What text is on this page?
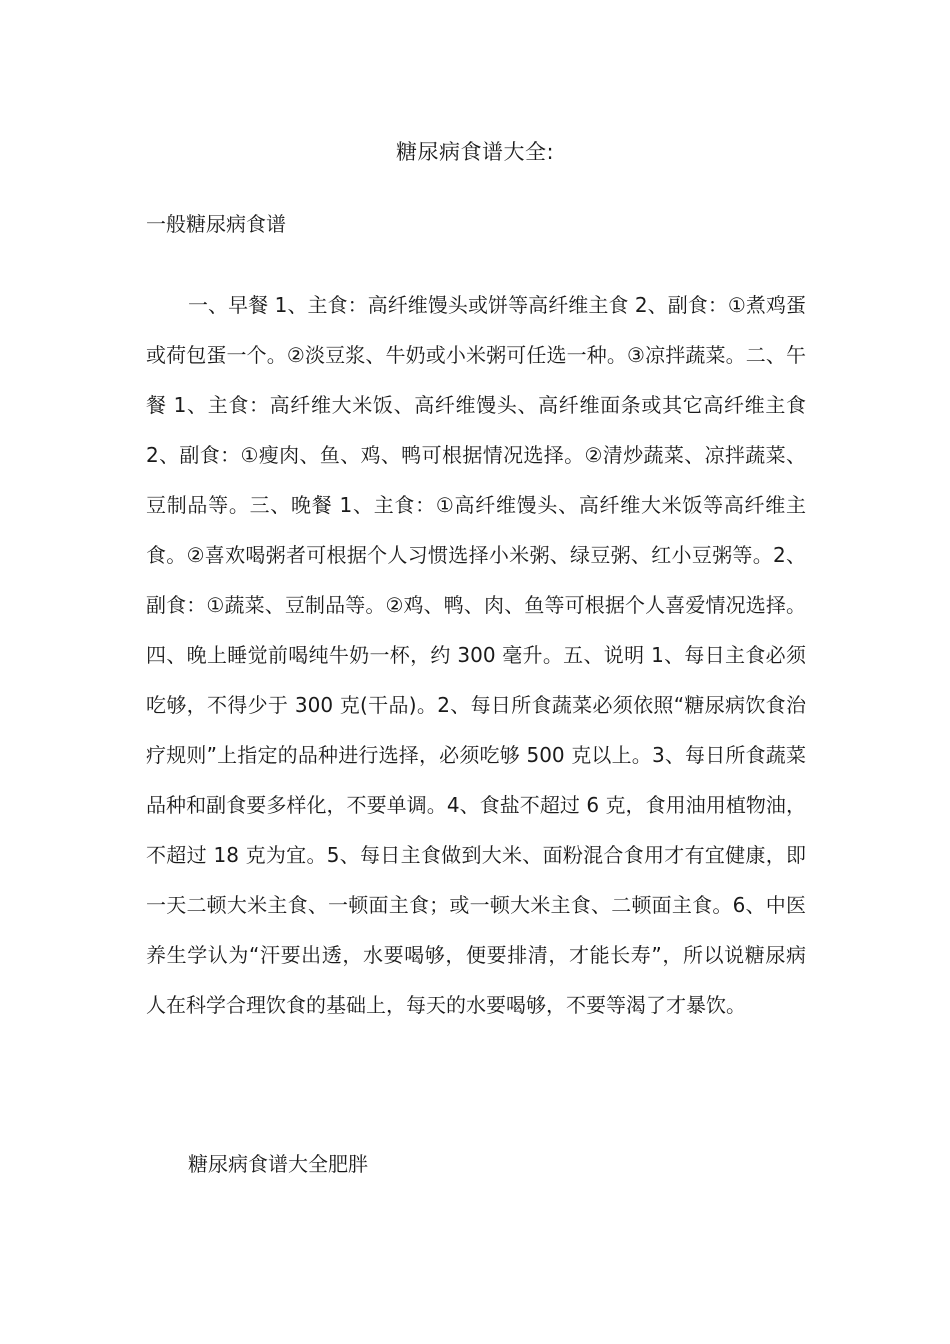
糖尿病食谱大全:
一般糖尿病食谱

一、早餐 1、主食：高纤维馒头或饼等高纤维主食 2、副食：①煮鸡蛋或荷包蛋一个。②淡豆浆、牛奶或小米粥可任选一种。③凉拌蔬菜。二、午餐 1、主食：高纤维大米饭、高纤维馒头、高纤维面条或其它高纤维主食 2、副食：①瘦肉、鱼、鸡、鸭可根据情况选择。②清炒蔬菜、凉拌蔬菜、豆制品等。三、晚餐 1、主食：①高纤维馒头、高纤维大米饭等高纤维主食。②喜欢喝粥者可根据个人习惯选择小米粥、绿豆粥、红小豆粥等。2、副食：①蔬菜、豆制品等。②鸡、鸭、肉、鱼等可根据个人喜爱情况选择。四、晚上睡觉前喝纯牛奶一杯，约 300 毫升。五、说明 1、每日主食必须吃够，不得少于 300 克(干品)。2、每日所食蔬菜必须依照“糖尿病饮食治疗规则”上指定的品种进行选择，必须吃够 500 克以上。3、每日所食蔬菜品种和副食要多样化，不要单调。4、食盐不超过 6 克，食用油用植物油，不超过 18 克为宜。5、每日主食做到大米、面粉混合食用才有宜健康，即一天二顿大米主食、一顿面主食；或一顿大米主食、二顿面主食。6、中医养生学认为“汗要出透，水要喝够，便要排清，才能长寿”，所以说糖尿病人在科学合理饮食的基础上，每天的水要喝够，不要等渴了才暴饮。

糖尿病食谱大全肥胖
